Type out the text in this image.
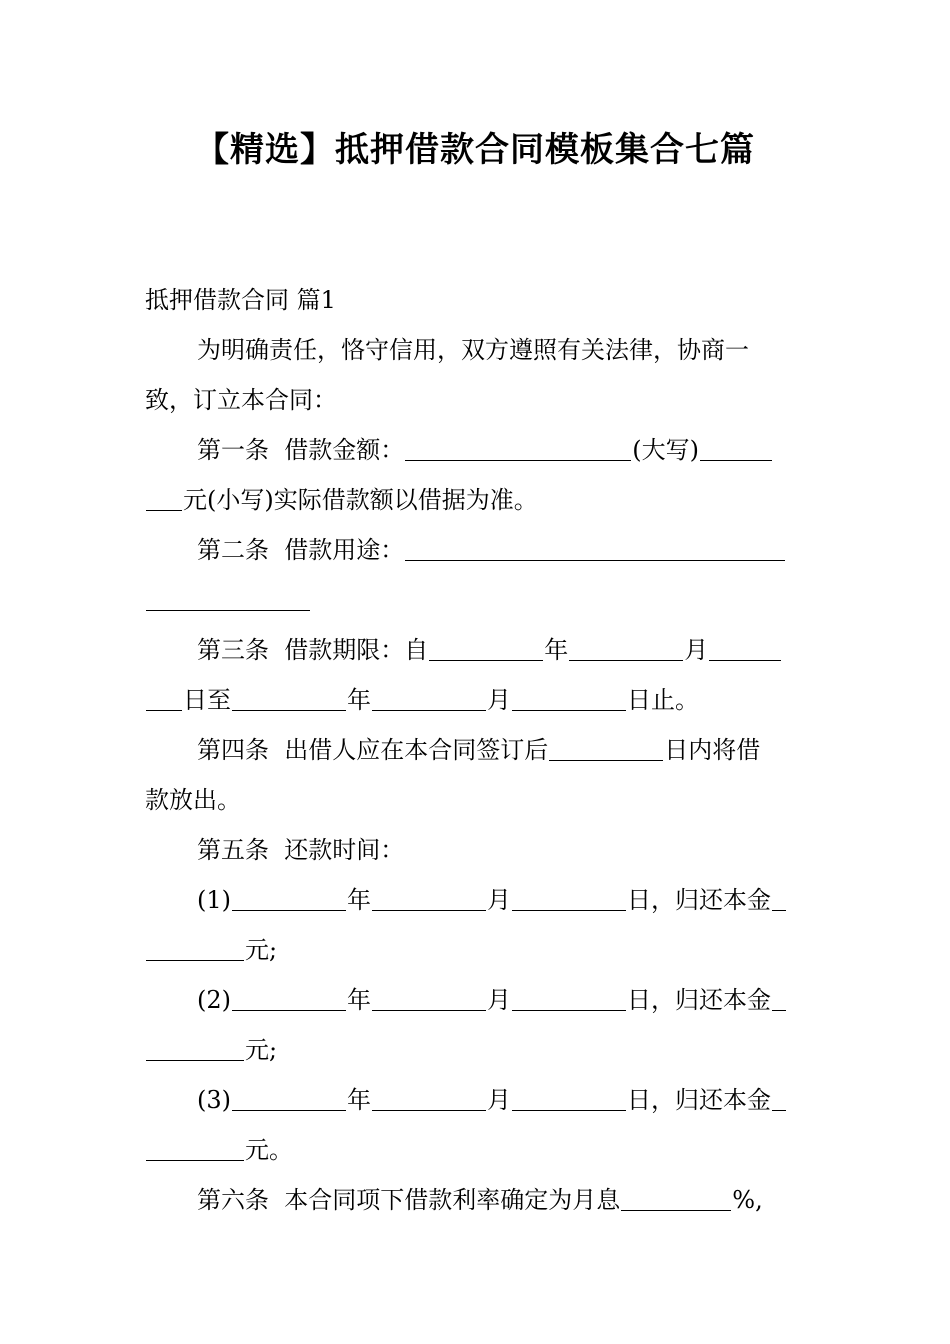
【精选】抵押借款合同模板集合七篇
抵押借款合同 篇1
为明确责任，恪守信用，双方遵照有关法律，协商一
致，订立本合同：
第一条  借款金额：	(大写)
元(小写)实际借款额以借据为准。
第二条  借款用途：
第三条  借款期限：自	年	月
日至	年	月	日止。
第四条  出借人应在本合同签订后	日内将借
款放出。
第五条  还款时间：
(1)	年	月	日，归还本金
元;
(2)	年	月	日，归还本金
元;
(3)	年	月	日，归还本金
元。
第六条  本合同项下借款利率确定为月息	%,
